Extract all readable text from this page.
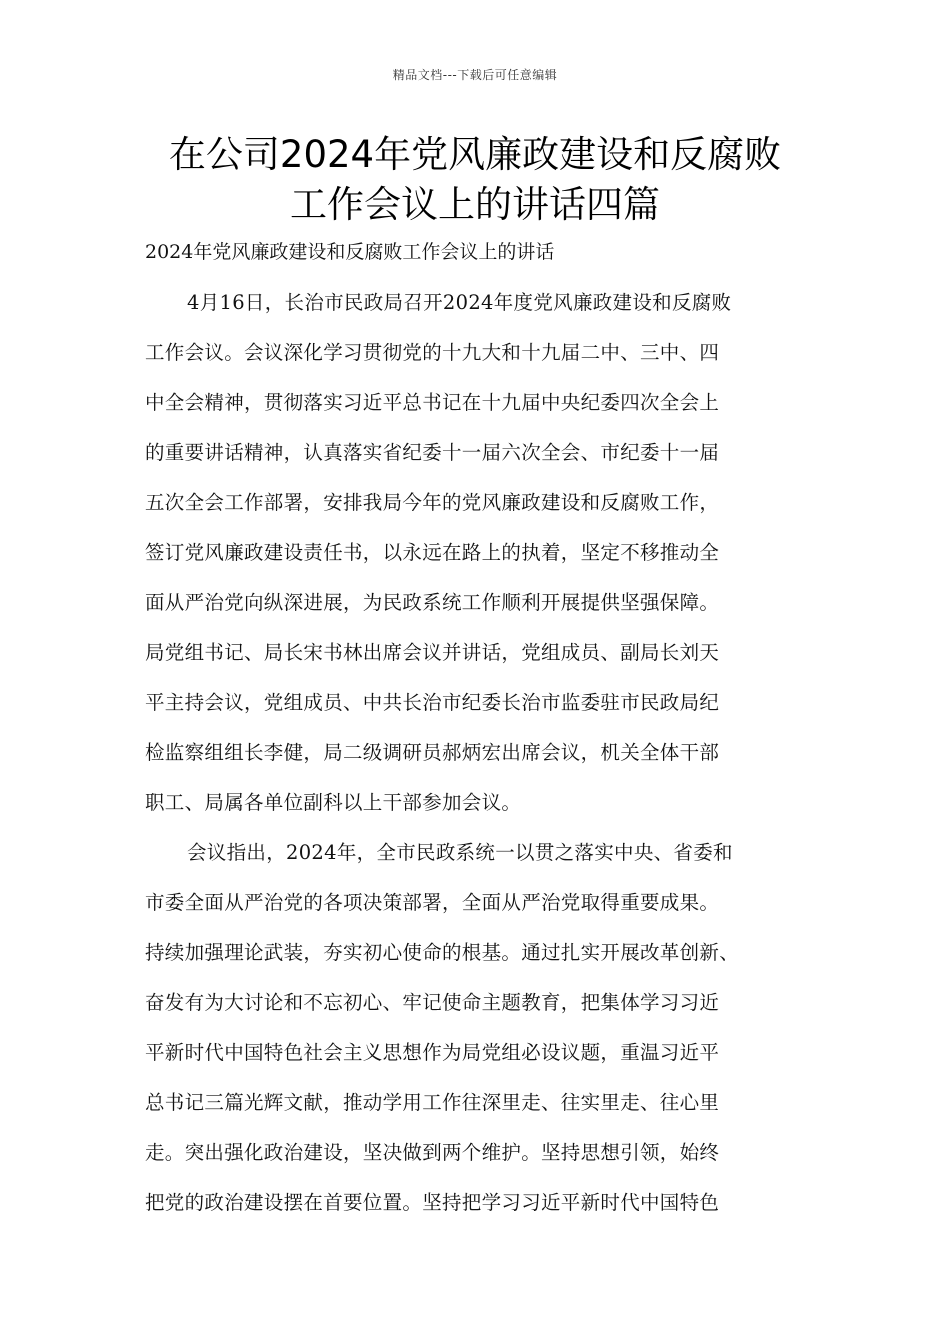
精品文档---下载后可任意编辑
在公司2024年党风廉政建设和反腐败
工作会议上的讲话四篇

2024年党风廉政建设和反腐败工作会议上的讲话

4月16日，长治市民政局召开2024年度党风廉政建设和反腐败
工作会议。会议深化学习贯彻党的十九大和十九届二中、三中、四
中全会精神，贯彻落实习近平总书记在十九届中央纪委四次全会上
的重要讲话精神，认真落实省纪委十一届六次全会、市纪委十一届
五次全会工作部署，安排我局今年的党风廉政建设和反腐败工作，
签订党风廉政建设责任书，以永远在路上的执着，坚定不移推动全
面从严治党向纵深进展，为民政系统工作顺利开展提供坚强保障。
局党组书记、局长宋书林出席会议并讲话，党组成员、副局长刘天
平主持会议，党组成员、中共长治市纪委长治市监委驻市民政局纪
检监察组组长李健，局二级调研员郝炳宏出席会议，机关全体干部
职工、局属各单位副科以上干部参加会议。
会议指出，2024年，全市民政系统一以贯之落实中央、省委和
市委全面从严治党的各项决策部署，全面从严治党取得重要成果。
持续加强理论武装，夯实初心使命的根基。通过扎实开展改革创新、
奋发有为大讨论和不忘初心、牢记使命主题教育，把集体学习习近
平新时代中国特色社会主义思想作为局党组必设议题，重温习近平
总书记三篇光辉文献，推动学用工作往深里走、往实里走、往心里
走。突出强化政治建设，坚决做到两个维护。坚持思想引领，始终
把党的政治建设摆在首要位置。坚持把学习习近平新时代中国特色
